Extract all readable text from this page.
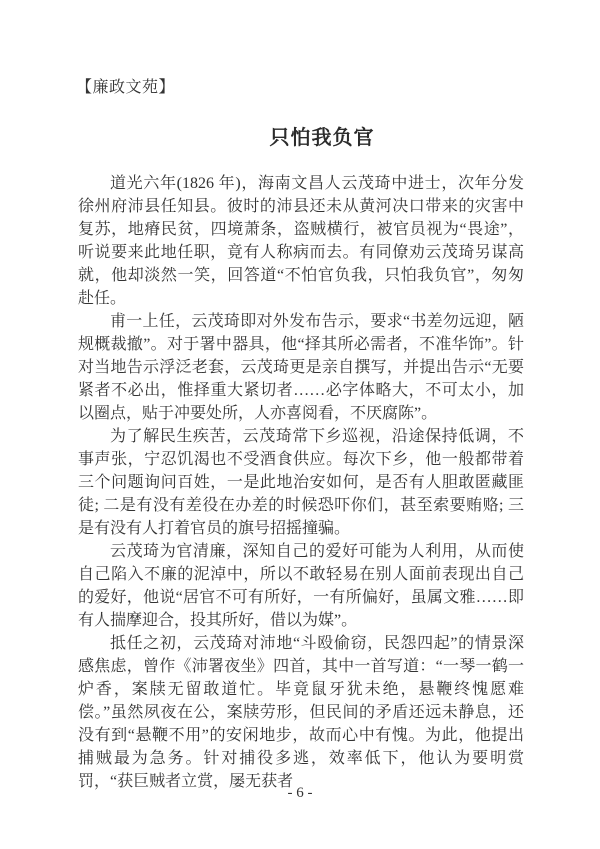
【廉政文苑】
只怕我负官

道光六年(1826 年)，海南文昌人云茂琦中进士，次年分发徐州府沛县任知县。彼时的沛县还未从黄河决口带来的灾害中复苏，地瘠民贫，四境萧条，盗贼横行，被官员视为“畏途”，听说要来此地任职，竟有人称病而去。有同僚劝云茂琦另谋高就，他却淡然一笑，回答道“不怕官负我，只怕我负官”，匆匆赴任。

甫一上任，云茂琦即对外发布告示，要求“书差勿远迎，陋规概裁撤”。对于署中器具，他“择其所必需者，不准华饰”。针对当地告示浮泛老套，云茂琦更是亲自撰写，并提出告示“无要紧者不必出，惟择重大紧切者……必字体略大，不可太小，加以圈点，贴于冲要处所，人亦喜阅看，不厌腐陈”。

为了解民生疾苦，云茂琦常下乡巡视，沿途保持低调，不事声张，宁忍饥渴也不受酒食供应。每次下乡，他一般都带着三个问题询问百姓，一是此地治安如何，是否有人胆敢匿藏匪徒; 二是有没有差役在办差的时候恐吓你们，甚至索要贿赂; 三是有没有人打着官员的旗号招摇撞骗。

云茂琦为官清廉，深知自己的爱好可能为人利用，从而使自己陷入不廉的泥淖中，所以不敢轻易在别人面前表现出自己的爱好，他说“居官不可有所好，一有所偏好，虽属文雅……即有人揣摩迎合，投其所好，借以为媒”。

抵任之初，云茂琦对沛地“斗殴偷窃，民怨四起”的情景深感焦虑，曾作《沛署夜坐》四首，其中一首写道：“一琴一鹤一炉香，案牍无留敢道忙。毕竟鼠牙犹未绝，悬鞭终愧愿难偿。”虽然夙夜在公，案牍劳形，但民间的矛盾还远未静息，还没有到“悬鞭不用”的安闲地步，故而心中有愧。为此，他提出捕贼最为急务。针对捕役多逃，效率低下，他认为要明赏罚，“获巨贼者立赏，屡无获者

- 6 -
